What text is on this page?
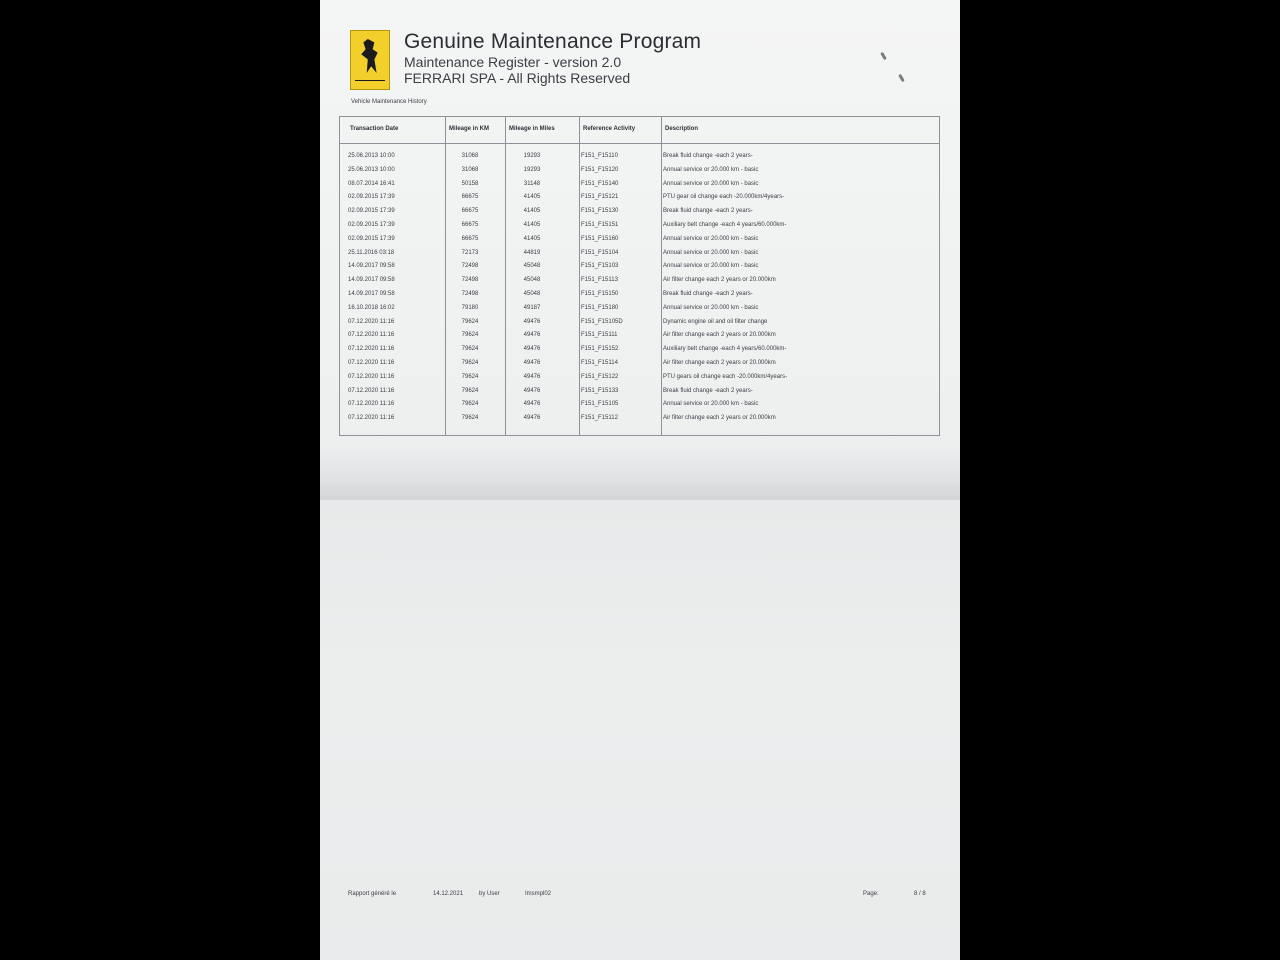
Genuine Maintenance Program
Maintenance Register - version 2.0
FERRARI SPA - All Rights Reserved
Vehicle Maintenance History
Transaction Date	Mileage in KM	Mileage in Miles	Reference Activity	Description
25.06.2013 10:00	31068	19293	F151_F15110	Break fluid change -each 2 years-
25.06.2013 10:00	31068	19293	F151_F15120	Annual service or 20.000 km - basic
08.07.2014 16:41	50158	31148	F151_F15140	Annual service or 20.000 km - basic
02.09.2015 17:39	66675	41405	F151_F15121	PTU gear oil change each -20.000km/4years-
02.09.2015 17:39	66675	41405	F151_F15130	Break fluid change -each 2 years-
02.09.2015 17:39	66675	41405	F151_F15151	Auxiliary belt change -each 4 years/60.000km-
02.09.2015 17:39	66675	41405	F151_F15160	Annual service or 20.000 km - basic
25.11.2016 03:18	72173	44819	F151_F15104	Annual service or 20.000 km - basic
14.09.2017 09:58	72498	45048	F151_F15103	Annual service or 20.000 km - basic
14.09.2017 09:58	72498	45048	F151_F15113	Air filter change each 2 years or 20.000km
14.09.2017 09:58	72498	45048	F151_F15150	Break fluid change -each 2 years-
16.10.2018 16:02	79180	49187	F151_F15180	Annual service or 20.000 km - basic
07.12.2020 11:16	79624	49476	F151_F15105D	Dynamic engine oil and oil filter change
07.12.2020 11:16	79624	49476	F151_F15111	Air filter change each 2 years or 20.000km
07.12.2020 11:16	79624	49476	F151_F15152	Auxiliary belt change -each 4 years/60.000km-
07.12.2020 11:16	79624	49476	F151_F15114	Air filter change each 2 years or 20.000km
07.12.2020 11:16	79624	49476	F151_F15122	PTU gears oil change each -20.000km/4years-
07.12.2020 11:16	79624	49476	F151_F15133	Break fluid change -each 2 years-
07.12.2020 11:16	79624	49476	F151_F15105	Annual service or 20.000 km - basic
07.12.2020 11:16	79624	49476	F151_F15112	Air filter change each 2 years or 20.000km
Rapport généré le	14.12.2021	by User	Imsmpl02	Page:	8 / 8
